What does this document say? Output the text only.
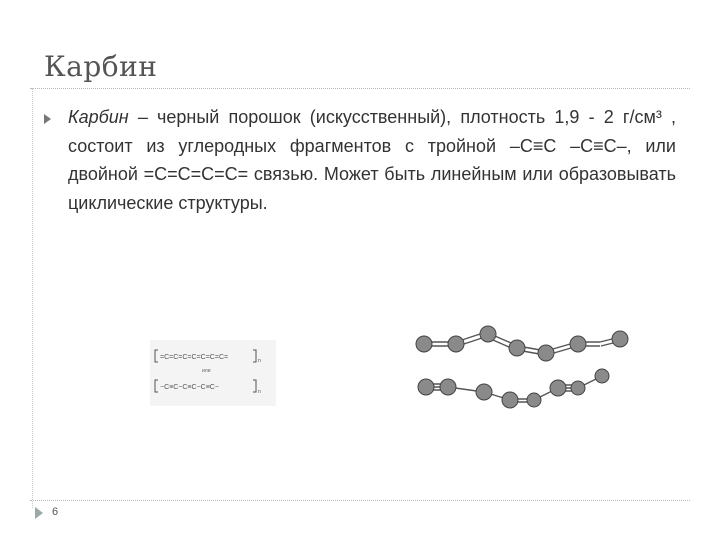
Карбин
Карбин – черный порошок (искусственный), плотность 1,9 - 2 г/см³ , состоит из углеродных фрагментов с тройной –С≡С –С≡С–, или двойной =С=С=С=С= связью. Может быть линейным или образовывать циклические структуры.
=C=C=C=C=C=C=C=	n
или
−C≡C−C≡C−C≡C−
n
6
